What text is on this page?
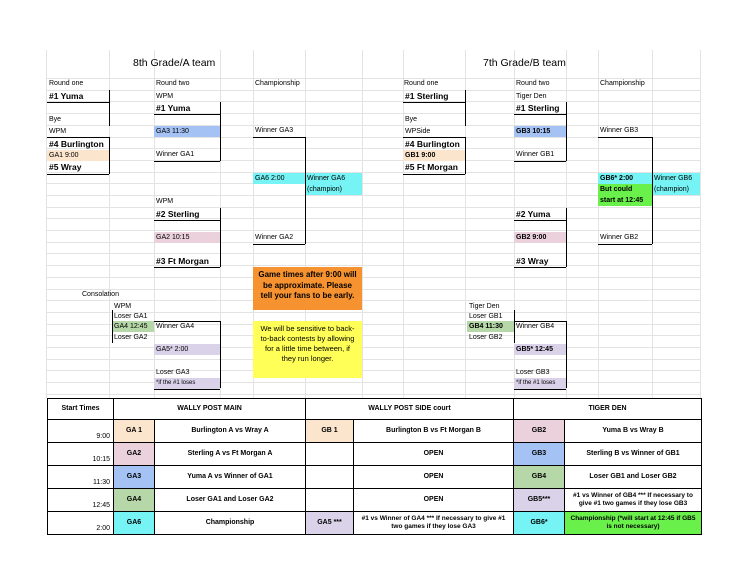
8th Grade/A team
Round one	Round two	Championship
#1 Yuma	WPM
#1 Yuma
Bye
WPM
#4 Burlington
GA1 9:00
#5 Wray
GA3 11:30
Winner GA1
Winner GA3
GA6 2:00	Winner GA6
(champion)
WPM
#2 Sterling
GA2 10:15
#3 Ft Morgan
Winner GA2
Consolation
WPM
Loser GA1
GA4 12:45
Loser GA2
Winner GA4
GA5* 2:00
Loser GA3
*if the #1 loses
7th Grade/B team
Round one	Round two	Championship
#1 Sterling	Tiger Den
#1 Sterling
Bye
WPSide
#4 Burlington
GB1 9:00
#5 Ft Morgan
GB3 10:15
Winner GB1
Winner GB3
GB6* 2:00
But could
start at 12:45
Winner GB6
(champion)
#2 Yuma
GB2 9:00
#3 Wray
Winner GB2
Tiger Den
Loser GB1
GB4 11:30
Loser GB2
Winner GB4
GB5* 12:45
Loser GB3
*if the #1 loses
Game times after 9:00 will be approximate. Please tell your fans to be early.
We will be sensitive to back-to-back contests by allowing for a little time between, if they run longer.
Start Times	WALLY POST MAIN		WALLY POST SIDE court		TIGER DEN	
9:00	GA 1	Burlington A vs Wray A	GB 1	Burlington B vs Ft Morgan B	GB2	Yuma B vs Wray B
10:15	GA2	Sterling A vs Ft Morgan A		OPEN	GB3	Sterling B vs Winner of GB1
11:30	GA3	Yuma A vs Winner of GA1		OPEN	GB4	Loser GB1 and Loser GB2
12:45	GA4	Loser GA1 and Loser GA2		OPEN	GB5***	#1 vs Winner of GB4 *** If necessary to give #1 two games if they lose GB3
2:00	GA6	Championship	GA5 ***	#1 vs Winner of GA4 *** If necessary to give #1 two games if they lose GA3	GB6*	Championship (*will start at 12:45 if GB5 is not necessary)
